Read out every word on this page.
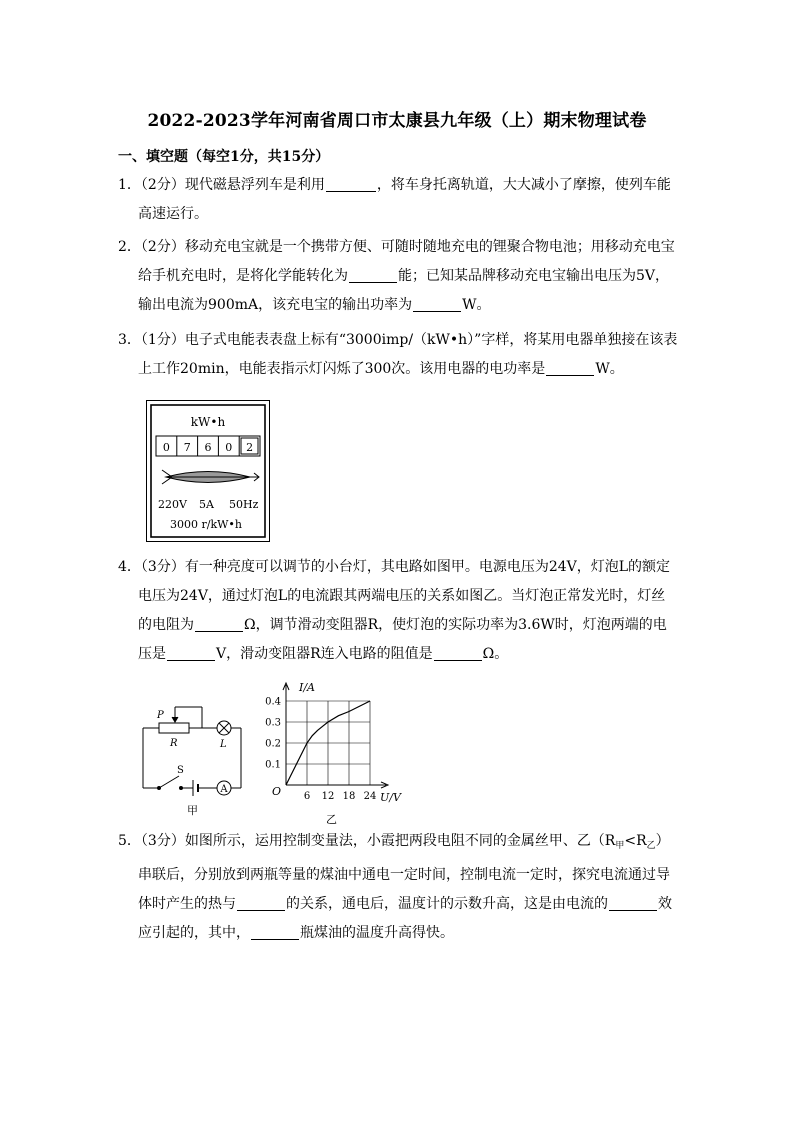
2022-2023学年河南省周口市太康县九年级（上）期末物理试卷
一、填空题（每空1分，共15分）
1．（2分）现代磁悬浮列车是利用	，将车身托离轨道，大大减小了摩擦，使列车能
高速运行。
2．（2分）移动充电宝就是一个携带方便、可随时随地充电的锂聚合物电池；用移动充电宝
给手机充电时，是将化学能转化为	能；已知某品牌移动充电宝输出电压为5V，
输出电流为900mA，该充电宝的输出功率为	W。
3．（1分）电子式电能表表盘上标有“3000imp/（kW•h）”字样，将某用电器单独接在该表
上工作20min，电能表指示灯闪烁了300次。该用电器的电功率是	W。
kW•h
0 7 6 0 2
220V 5A 50Hz
3000 r/kW•h
4．（3分）有一种亮度可以调节的小台灯，其电路如图甲。电源电压为24V，灯泡L的额定
电压为24V，通过灯泡L的电流跟其两端电压的关系如图乙。当灯泡正常发光时，灯丝
的电阻为	Ω，调节滑动变阻器R，使灯泡的实际功率为3.6W时，灯泡两端的电
压是	V，滑动变阻器R连入电路的阻值是	Ω。
P
R	L
S
A
甲
6 12 18 24
0.1
0.2
0.3
0.4
I/A
U/V
O
乙
5．（3分）如图所示，运用控制变量法，小霞把两段电阻不同的金属丝甲、乙$(R_甲<R_乙)$
串联后，分别放到两瓶等量的煤油中通电一定时间，控制电流一定时，探究电流通过导
体时产生的热与	的关系，通电后，温度计的示数升高，这是由电流的	效
应引起的，其中，	瓶煤油的温度升高得快。
